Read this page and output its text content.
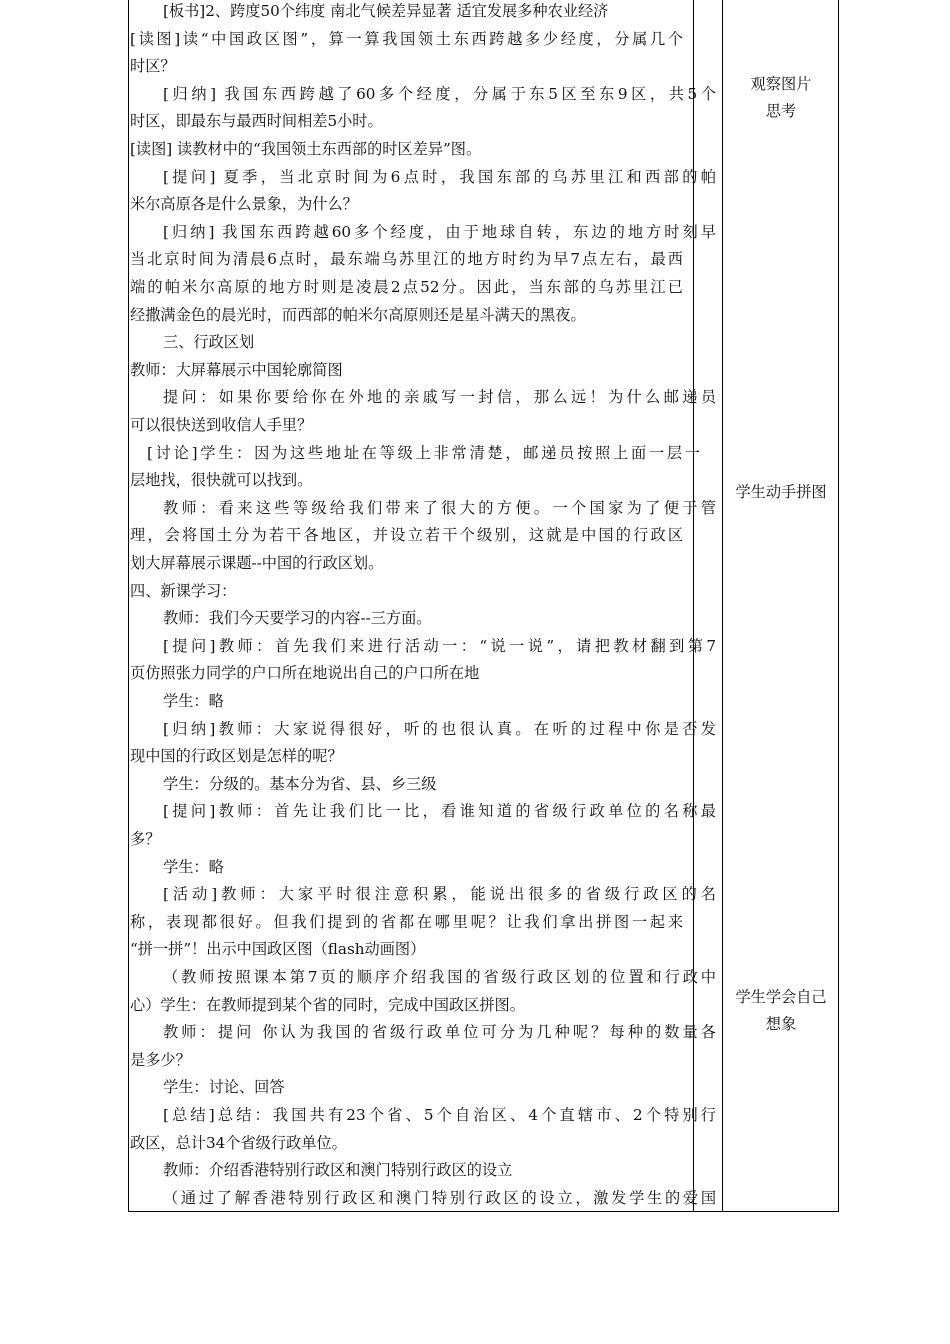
[板书]2、跨度50个纬度 南北气候差异显著 适宜发展多种农业经济
[读图]读“中国政区图”，算一算我国领土东西跨越多少经度，分属几个
时区？
[归纳] 我国东西跨越了60多个经度，分属于东5区至东9区，共5个
时区，即最东与最西时间相差5小时。
[读图] 读教材中的“我国领土东西部的时区差异”图。
[提问] 夏季，当北京时间为6点时，我国东部的乌苏里江和西部的帕
米尔高原各是什么景象，为什么？
[归纳] 我国东西跨越60多个经度，由于地球自转，东边的地方时刻早
当北京时间为清晨6点时，最东端乌苏里江的地方时约为早7点左右，最西
端的帕米尔高原的地方时则是凌晨2点52分。因此，当东部的乌苏里江已
经撒满金色的晨光时，而西部的帕米尔高原则还是星斗满天的黑夜。
三、行政区划
教师：大屏幕展示中国轮廓简图
提问：如果你要给你在外地的亲戚写一封信，那么远！为什么邮递员
可以很快送到收信人手里？
[讨论]学生：因为这些地址在等级上非常清楚，邮递员按照上面一层一
层地找，很快就可以找到。
教师：看来这些等级给我们带来了很大的方便。一个国家为了便于管
理，会将国土分为若干各地区，并设立若干个级别，这就是中国的行政区
划大屏幕展示课题--中国的行政区划。
四、新课学习：
教师：我们今天要学习的内容--三方面。
[提问]教师：首先我们来进行活动一：“说一说”，请把教材翻到第7
页仿照张力同学的户口所在地说出自己的户口所在地
学生：略
[归纳]教师：大家说得很好，听的也很认真。在听的过程中你是否发
现中国的行政区划是怎样的呢？
学生：分级的。基本分为省、县、乡三级
[提问]教师：首先让我们比一比，看谁知道的省级行政单位的名称最
多？
学生：略
[活动]教师：大家平时很注意积累，能说出很多的省级行政区的名
称，表现都很好。但我们提到的省都在哪里呢？让我们拿出拼图一起来
“拼一拼”！出示中国政区图（flash动画图）
（教师按照课本第7页的顺序介绍我国的省级行政区划的位置和行政中
心）学生：在教师提到某个省的同时，完成中国政区拼图。
教师：提问 你认为我国的省级行政单位可分为几种呢？每种的数量各
是多少？
学生：讨论、回答
[总结]总结：我国共有23个省、5个自治区、4个直辖市、2个特别行
政区，总计34个省级行政单位。
教师：介绍香港特别行政区和澳门特别行政区的设立
（通过了解香港特别行政区和澳门特别行政区的设立，激发学生的爱国
观察图片
思考
学生动手拼图
学生学会自己
想象
